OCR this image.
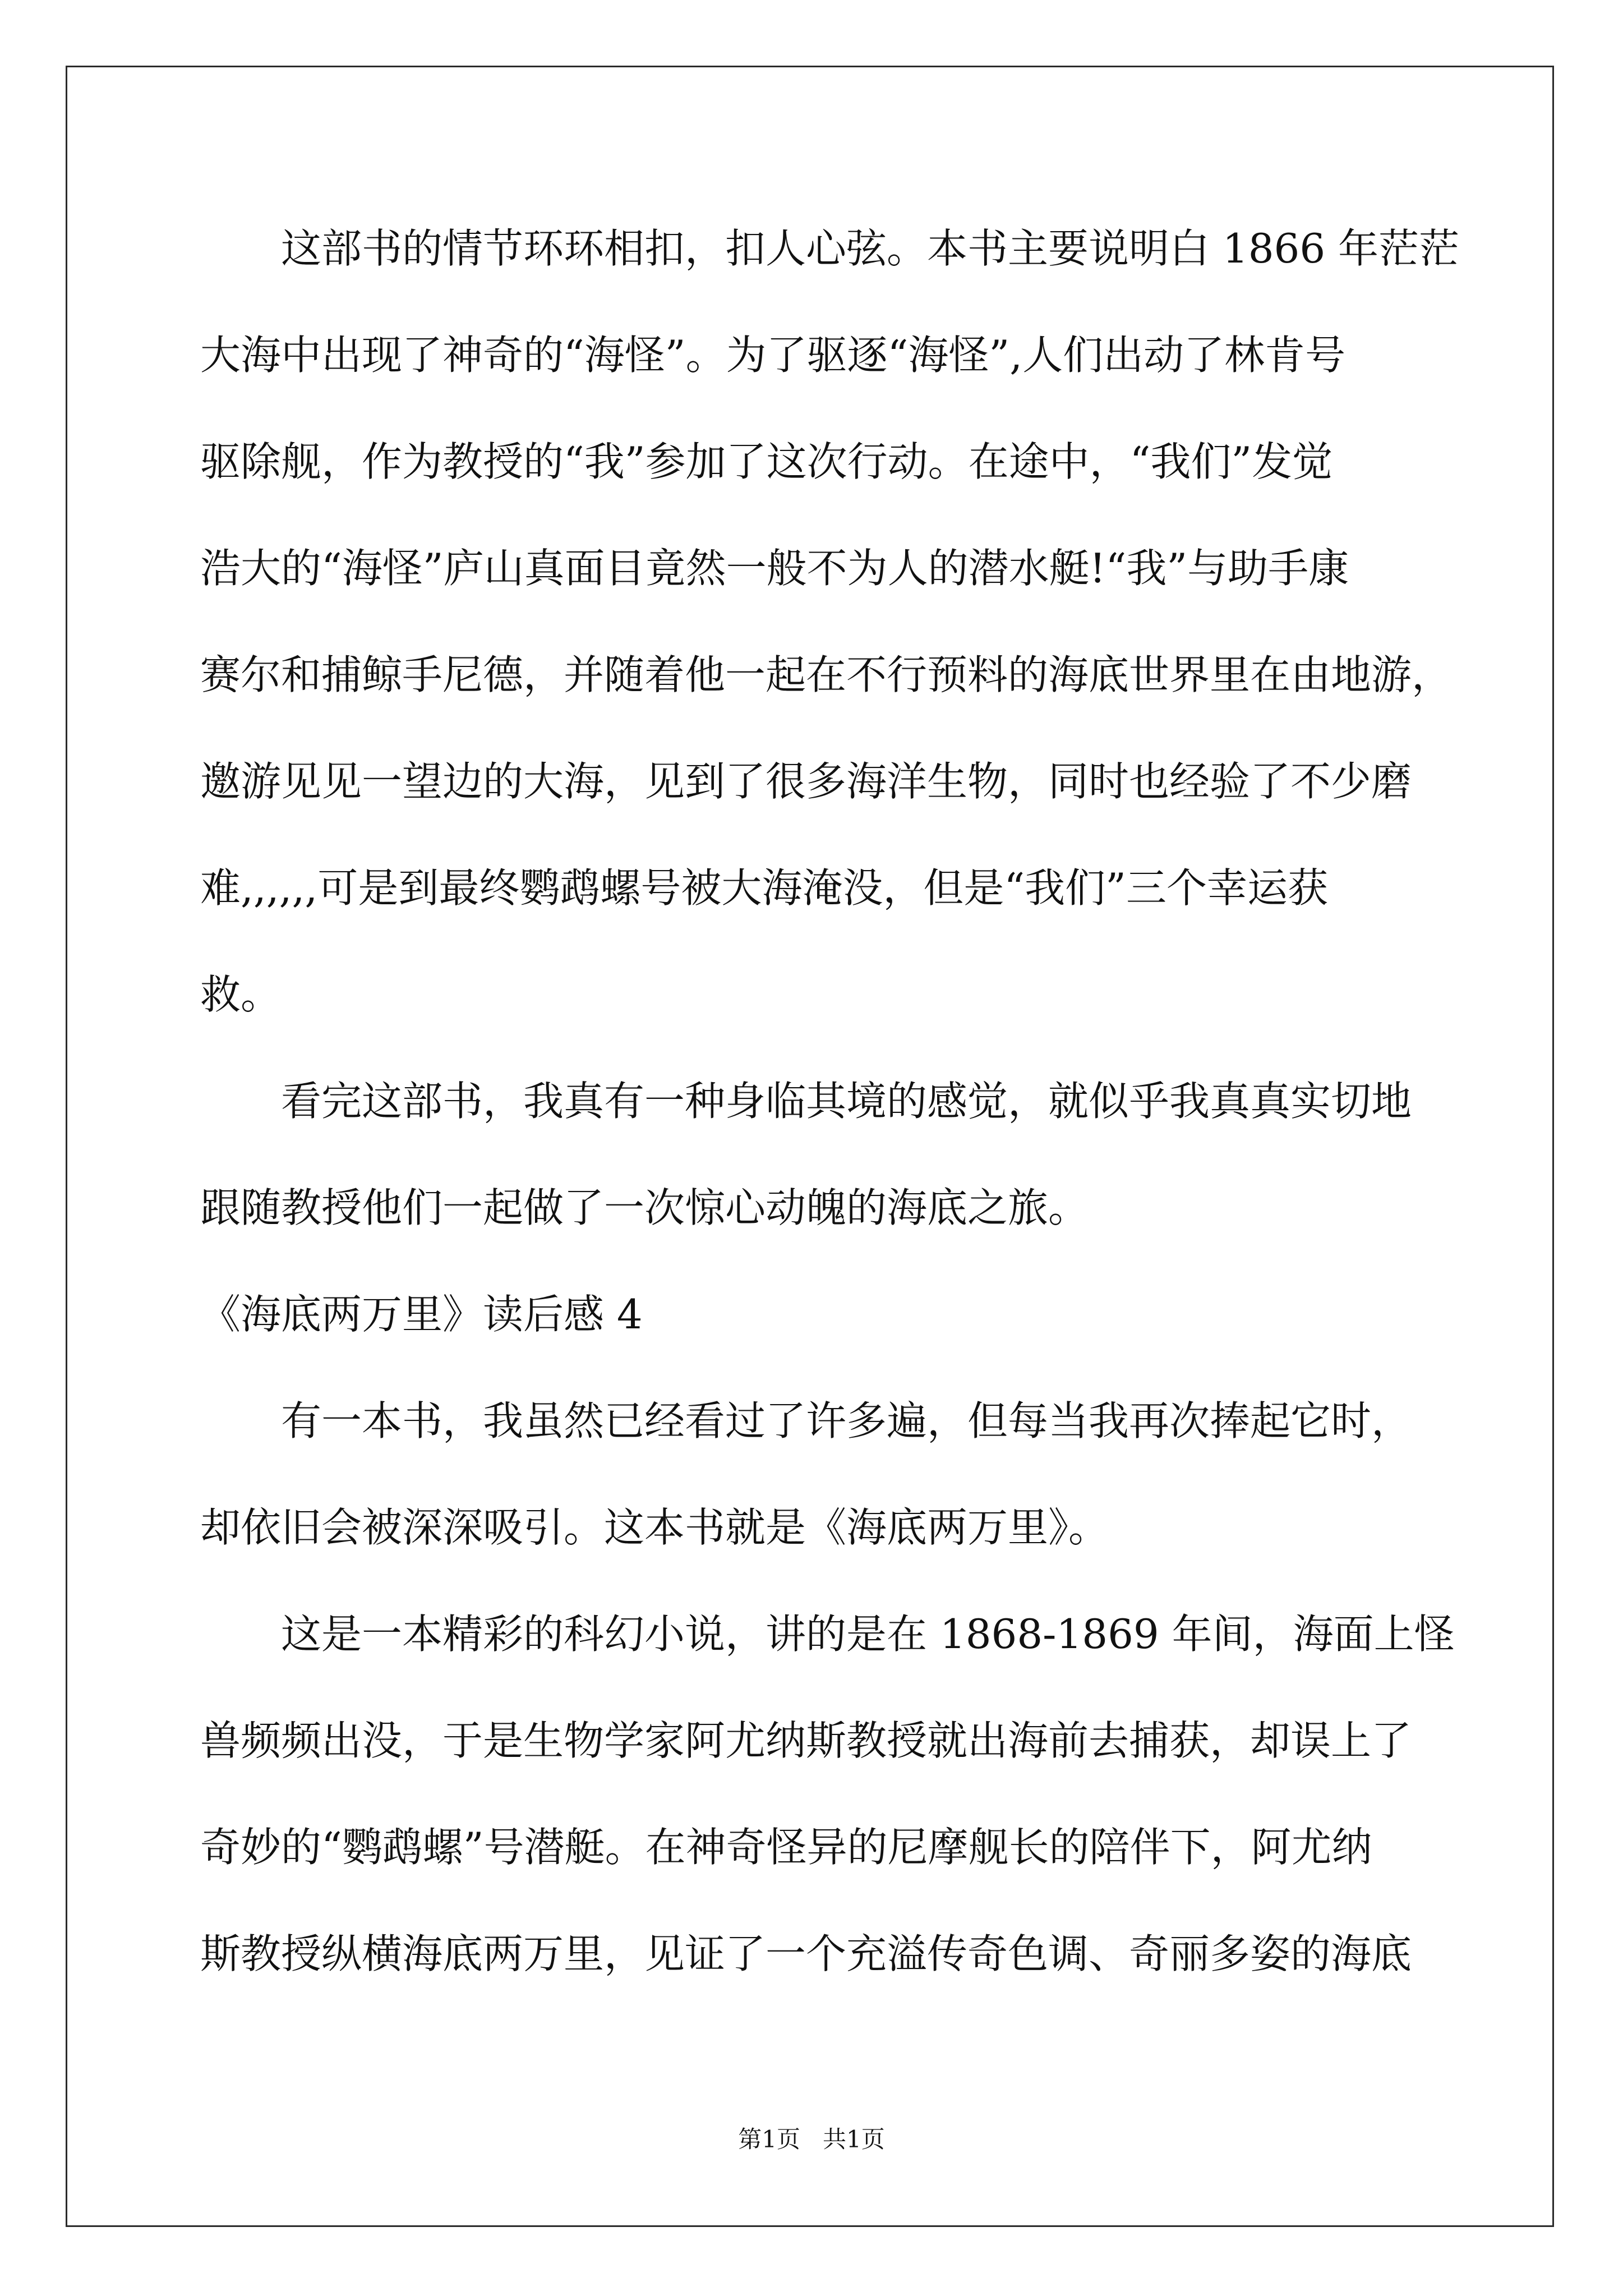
这部书的情节环环相扣，扣人心弦。本书主要说明白 1866 年茫茫
大海中出现了神奇的“海怪”。为了驱逐“海怪”,人们出动了林肯号
驱除舰，作为教授的“我”参加了这次行动。在途中，“我们”发觉
浩大的“海怪”庐山真面目竟然一般不为人的潜水艇!“我”与助手康
赛尔和捕鲸手尼德，并随着他一起在不行预料的海底世界里在由地游，
邀游见见一望边的大海，见到了很多海洋生物，同时也经验了不少磨
难,,,,,,可是到最终鹦鹉螺号被大海淹没，但是“我们”三个幸运获
救。
看完这部书，我真有一种身临其境的感觉，就似乎我真真实切地
跟随教授他们一起做了一次惊心动魄的海底之旅。
《海底两万里》读后感 4
有一本书，我虽然已经看过了许多遍，但每当我再次捧起它时，
却依旧会被深深吸引。这本书就是《海底两万里》。
这是一本精彩的科幻小说，讲的是在 1868-1869 年间，海面上怪
兽频频出没，于是生物学家阿尤纳斯教授就出海前去捕获，却误上了
奇妙的“鹦鹉螺”号潜艇。在神奇怪异的尼摩舰长的陪伴下，阿尤纳
斯教授纵横海底两万里，见证了一个充溢传奇色调、奇丽多姿的海底
第1页   共1页
